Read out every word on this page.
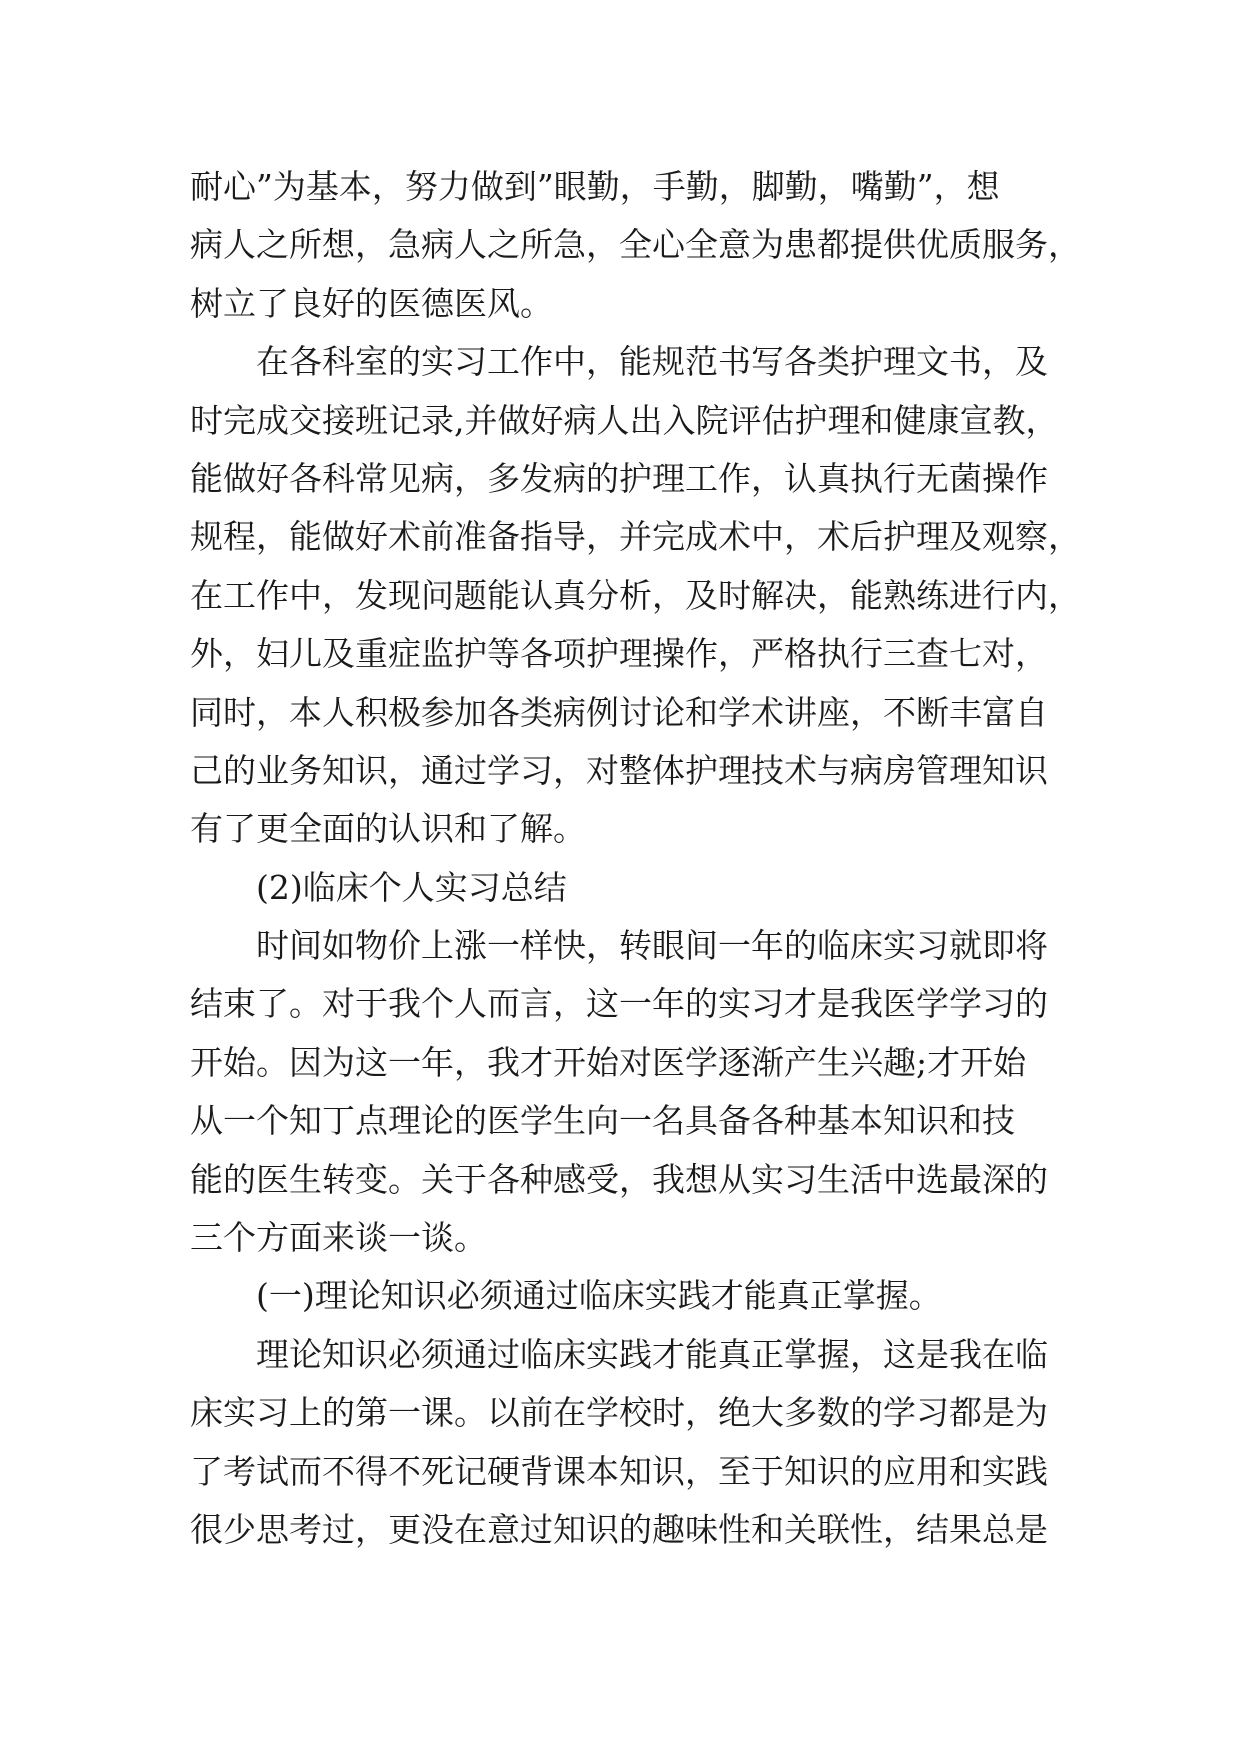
耐心”为基本，努力做到”眼勤，手勤，脚勤，嘴勤”，想
病人之所想，急病人之所急，全心全意为患都提供优质服务，
树立了良好的医德医风。
在各科室的实习工作中，能规范书写各类护理文书，及
时完成交接班记录,并做好病人出入院评估护理和健康宣教，
能做好各科常见病，多发病的护理工作，认真执行无菌操作
规程，能做好术前准备指导，并完成术中，术后护理及观察，
在工作中，发现问题能认真分析，及时解决，能熟练进行内，
外，妇儿及重症监护等各项护理操作，严格执行三查七对，
同时，本人积极参加各类病例讨论和学术讲座，不断丰富自
己的业务知识，通过学习，对整体护理技术与病房管理知识
有了更全面的认识和了解。
(2)临床个人实习总结
时间如物价上涨一样快，转眼间一年的临床实习就即将
结束了。对于我个人而言，这一年的实习才是我医学学习的
开始。因为这一年，我才开始对医学逐渐产生兴趣;才开始
从一个知丁点理论的医学生向一名具备各种基本知识和技
能的医生转变。关于各种感受，我想从实习生活中选最深的
三个方面来谈一谈。
(一)理论知识必须通过临床实践才能真正掌握。
理论知识必须通过临床实践才能真正掌握，这是我在临
床实习上的第一课。以前在学校时，绝大多数的学习都是为
了考试而不得不死记硬背课本知识，至于知识的应用和实践
很少思考过，更没在意过知识的趣味性和关联性，结果总是
